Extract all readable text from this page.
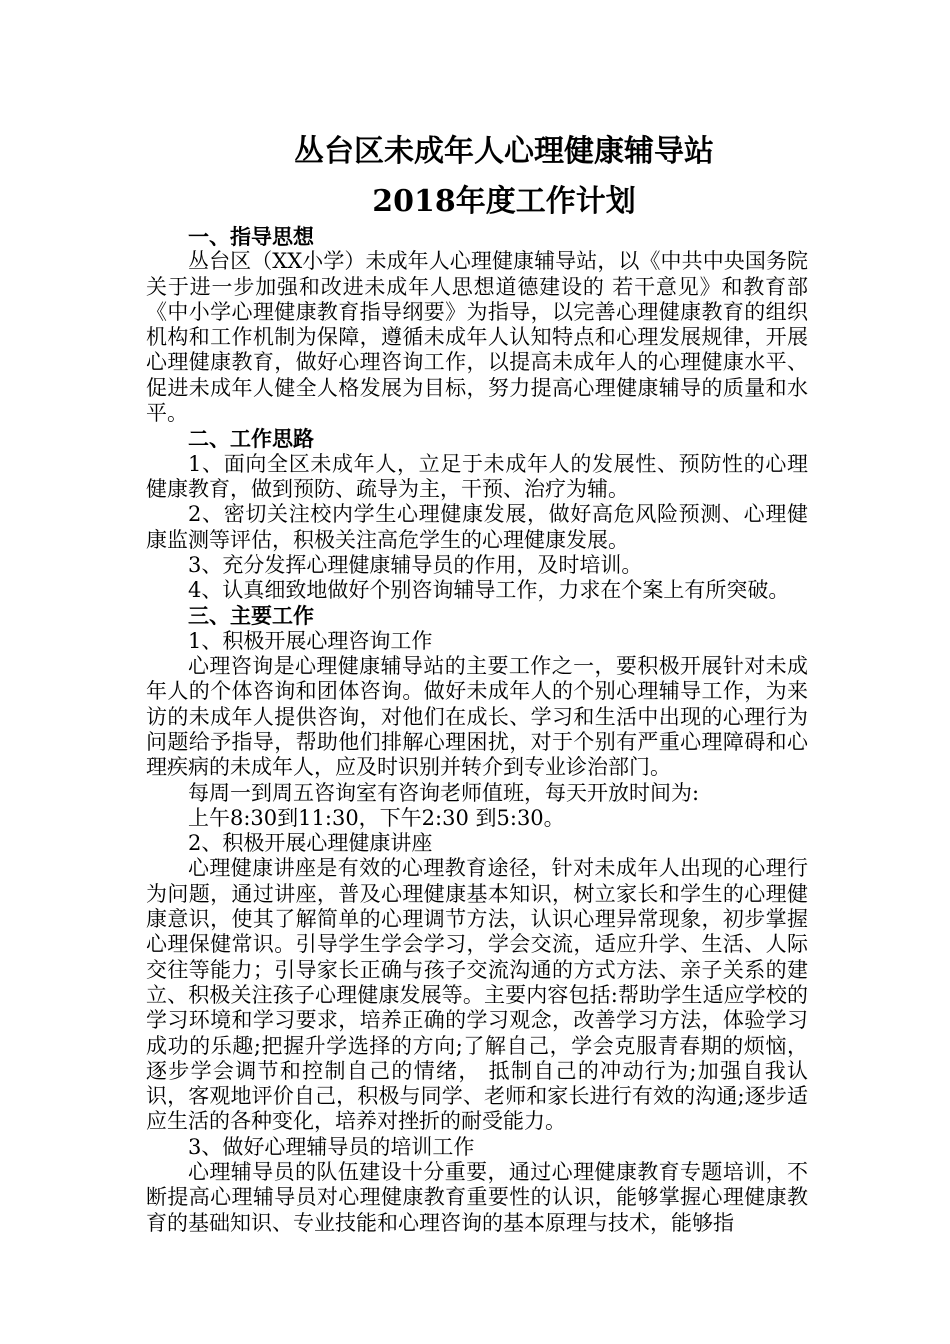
丛台区未成年人心理健康辅导站
2018年度工作计划

一、指导思想

丛台区（XX小学）未成年人心理健康辅导站，以《中共中央国务院关于进一步加强和改进未成年人思想道德建设的 若干意见》和教育部《中小学心理健康教育指导纲要》为指导，以完善心理健康教育的组织机构和工作机制为保障，遵循未成年人认知特点和心理发展规律，开展心理健康教育，做好心理咨询工作，以提高未成年人的心理健康水平、促进未成年人健全人格发展为目标，努力提高心理健康辅导的质量和水平。

二、工作思路

1、面向全区未成年人，立足于未成年人的发展性、预防性的心理健康教育，做到预防、疏导为主，干预、治疗为辅。

2、密切关注校内学生心理健康发展，做好高危风险预测、心理健康监测等评估，积极关注高危学生的心理健康发展。

3、充分发挥心理健康辅导员的作用，及时培训。

4、认真细致地做好个别咨询辅导工作，力求在个案上有所突破。

三、主要工作

1、积极开展心理咨询工作

心理咨询是心理健康辅导站的主要工作之一，要积极开展针对未成年人的个体咨询和团体咨询。做好未成年人的个别心理辅导工作，为来访的未成年人提供咨询，对他们在成长、学习和生活中出现的心理行为问题给予指导，帮助他们排解心理困扰，对于个别有严重心理障碍和心理疾病的未成年人，应及时识别并转介到专业诊治部门。

每周一到周五咨询室有咨询老师值班，每天开放时间为:

上午8:30到11:30，下午2:30 到5:30。

2、积极开展心理健康讲座

心理健康讲座是有效的心理教育途径，针对未成年人出现的心理行为问题，通过讲座，普及心理健康基本知识，树立家长和学生的心理健康意识，使其了解简单的心理调节方法，认识心理异常现象，初步掌握心理保健常识。引导学生学会学习，学会交流，适应升学、生活、人际交往等能力；引导家长正确与孩子交流沟通的方式方法、亲子关系的建立、积极关注孩子心理健康发展等。主要内容包括:帮助学生适应学校的学习环境和学习要求，培养正确的学习观念，改善学习方法，体验学习成功的乐趣;把握升学选择的方向;了解自己，学会克服青春期的烦恼，逐步学会调节和控制自己的情绪， 抵制自己的冲动行为;加强自我认识，客观地评价自己，积极与同学、老师和家长进行有效的沟通;逐步适应生活的各种变化，培养对挫折的耐受能力。

3、做好心理辅导员的培训工作

心理辅导员的队伍建设十分重要，通过心理健康教育专题培训，不断提高心理辅导员对心理健康教育重要性的认识，能够掌握心理健康教育的基础知识、专业技能和心理咨询的基本原理与技术，能够指
